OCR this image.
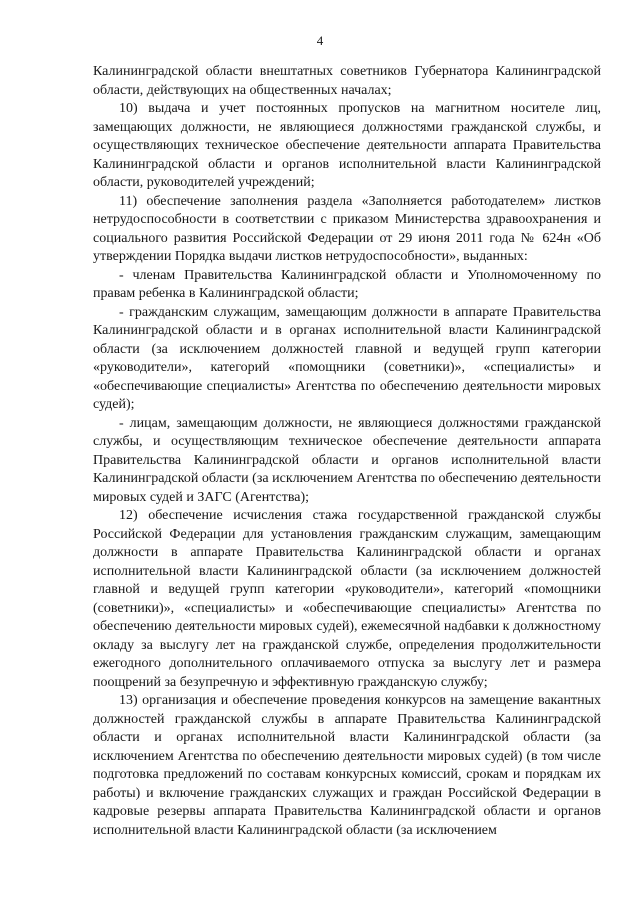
4

Калининградской области внештатных советников Губернатора Калининградской области, действующих на общественных началах;

10) выдача и учет постоянных пропусков на магнитном носителе лиц, замещающих должности, не являющиеся должностями гражданской службы, и осуществляющих техническое обеспечение деятельности аппарата Правительства Калининградской области и органов исполнительной власти Калининградской области, руководителей учреждений;

11) обеспечение заполнения раздела «Заполняется работодателем» листков нетрудоспособности в соответствии с приказом Министерства здравоохранения и социального развития Российской Федерации от 29 июня 2011 года № 624н «Об утверждении Порядка выдачи листков нетрудоспособности», выданных:

- членам Правительства Калининградской области и Уполномоченному по правам ребенка в Калининградской области;

- гражданским служащим, замещающим должности в аппарате Правительства Калининградской области и в органах исполнительной власти Калининградской области (за исключением должностей главной и ведущей групп категории «руководители», категорий «помощники (советники)», «специалисты» и «обеспечивающие специалисты» Агентства по обеспечению деятельности мировых судей);

- лицам, замещающим должности, не являющиеся должностями гражданской службы, и осуществляющим техническое обеспечение деятельности аппарата Правительства Калининградской области и органов исполнительной власти Калининградской области (за исключением Агентства по обеспечению деятельности мировых судей и ЗАГС (Агентства);

12) обеспечение исчисления стажа государственной гражданской службы Российской Федерации для установления гражданским служащим, замещающим должности в аппарате Правительства Калининградской области и органах исполнительной власти Калининградской области (за исключением должностей главной и ведущей групп категории «руководители», категорий «помощники (советники)», «специалисты» и «обеспечивающие специалисты» Агентства по обеспечению деятельности мировых судей), ежемесячной надбавки к должностному окладу за выслугу лет на гражданской службе, определения продолжительности ежегодного дополнительного оплачиваемого отпуска за выслугу лет и размера поощрений за безупречную и эффективную гражданскую службу;

13) организация и обеспечение проведения конкурсов на замещение вакантных должностей гражданской службы в аппарате Правительства Калининградской области и органах исполнительной власти Калининградской области (за исключением Агентства по обеспечению деятельности мировых судей) (в том числе подготовка предложений по составам конкурсных комиссий, срокам и порядкам их работы) и включение гражданских служащих и граждан Российской Федерации в кадровые резервы аппарата Правительства Калининградской области и органов исполнительной власти Калининградской области (за исключением
